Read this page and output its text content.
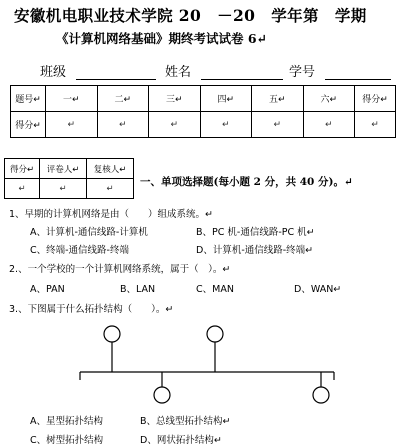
安徽机电职业技术学院 20　－20　学年第　学期
《计算机网络基础》期终考试试卷 6↵
班级	姓名	学号
题号↵	一↵	二↵	三↵	四↵	五↵	六↵	得分↵
得分↵	↵	↵	↵	↵	↵	↵	↵
得分↵	评卷人↵	复核人↵
↵	↵	↵
一、单项选择题(每小题 2 分，共 40 分)。↵
1、早期的计算机网络是由（　　）组成系统。↵
A、计算机-通信线路-计算机	B、PC 机-通信线路-PC 机↵
C、终端-通信线路-终端	D、计算机-通信线路-终端↵
2.、一个学校的一个计算机网络系统，属于（　）。↵
A、PAN	B、LAN	C、MAN	D、WAN↵
3.、下图属于什么拓扑结构（　　）。↵
A、星型拓扑结构	B、总线型拓扑结构↵
C、树型拓扑结构	D、网状拓扑结构↵
